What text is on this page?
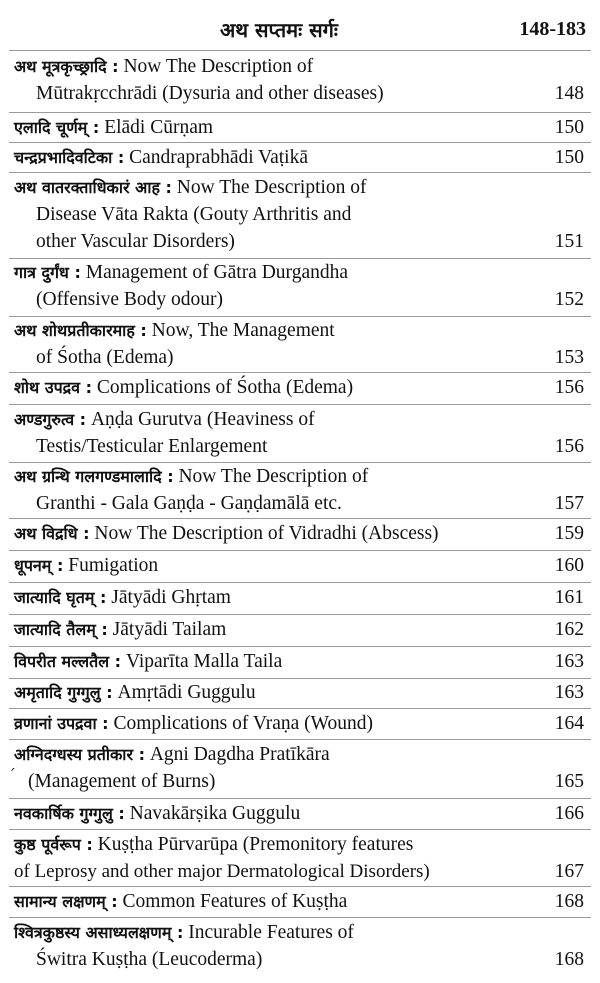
अथ सप्तमः सर्गः	148-183
अथ मूत्रकृच्छ्रादि : Now The Description of
Mūtrakṛcchrādi (Dysuria and other diseases)	148
एलादि चूर्णम् : Elādi Cūrṇam	150
चन्द्रप्रभादिवटिका : Candraprabhādi Vaṭikā	150
अथ वातरक्ताधिकारं आह : Now The Description of
Disease Vāta Rakta (Gouty Arthritis and
other Vascular Disorders)	151
गात्र दुर्गंध : Management of Gātra Durgandha
(Offensive Body odour)	152
अथ शोथप्रतीकारमाह : Now, The Management
of Śotha (Edema)	153
शोथ उपद्रव : Complications of Śotha (Edema)	156
अण्डगुरुत्व : Aṇḍa Gurutva (Heaviness of
Testis/Testicular Enlargement	156
अथ ग्रन्थि गलगण्डमालादि : Now The Description of
Granthi - Gala Gaṇḍa - Gaṇḍamālā etc.	157
अथ विद्रधि : Now The Description of Vidradhi (Abscess)	159
धूपनम् : Fumigation	160
जात्यादि घृतम् : Jātyādi Ghṛtam	161
जात्यादि तैलम् : Jātyādi Tailam	162
विपरीत मल्लतैल : Viparīta Malla Taila	163
अमृतादि गुग्गुलु : Amṛtādi Guggulu	163
व्रणानां उपद्रवा : Complications of Vraṇa (Wound)	164
अग्निदग्धस्य प्रतीकार : Agni Dagdha Pratīkāra
(Management of Burns)	165
´
नवकार्षिक गुग्गुलु : Navakārṣika Guggulu	166
कुष्ठ पूर्वरूप : Kuṣṭha Pūrvarūpa (Premonitory features
of Leprosy and other major Dermatological Disorders)	167
सामान्य लक्षणम् : Common Features of Kuṣṭha	168
श्वित्रकुष्ठस्य असाध्यलक्षणम् : Incurable Features of
Świtra Kuṣṭha (Leucoderma)	168
